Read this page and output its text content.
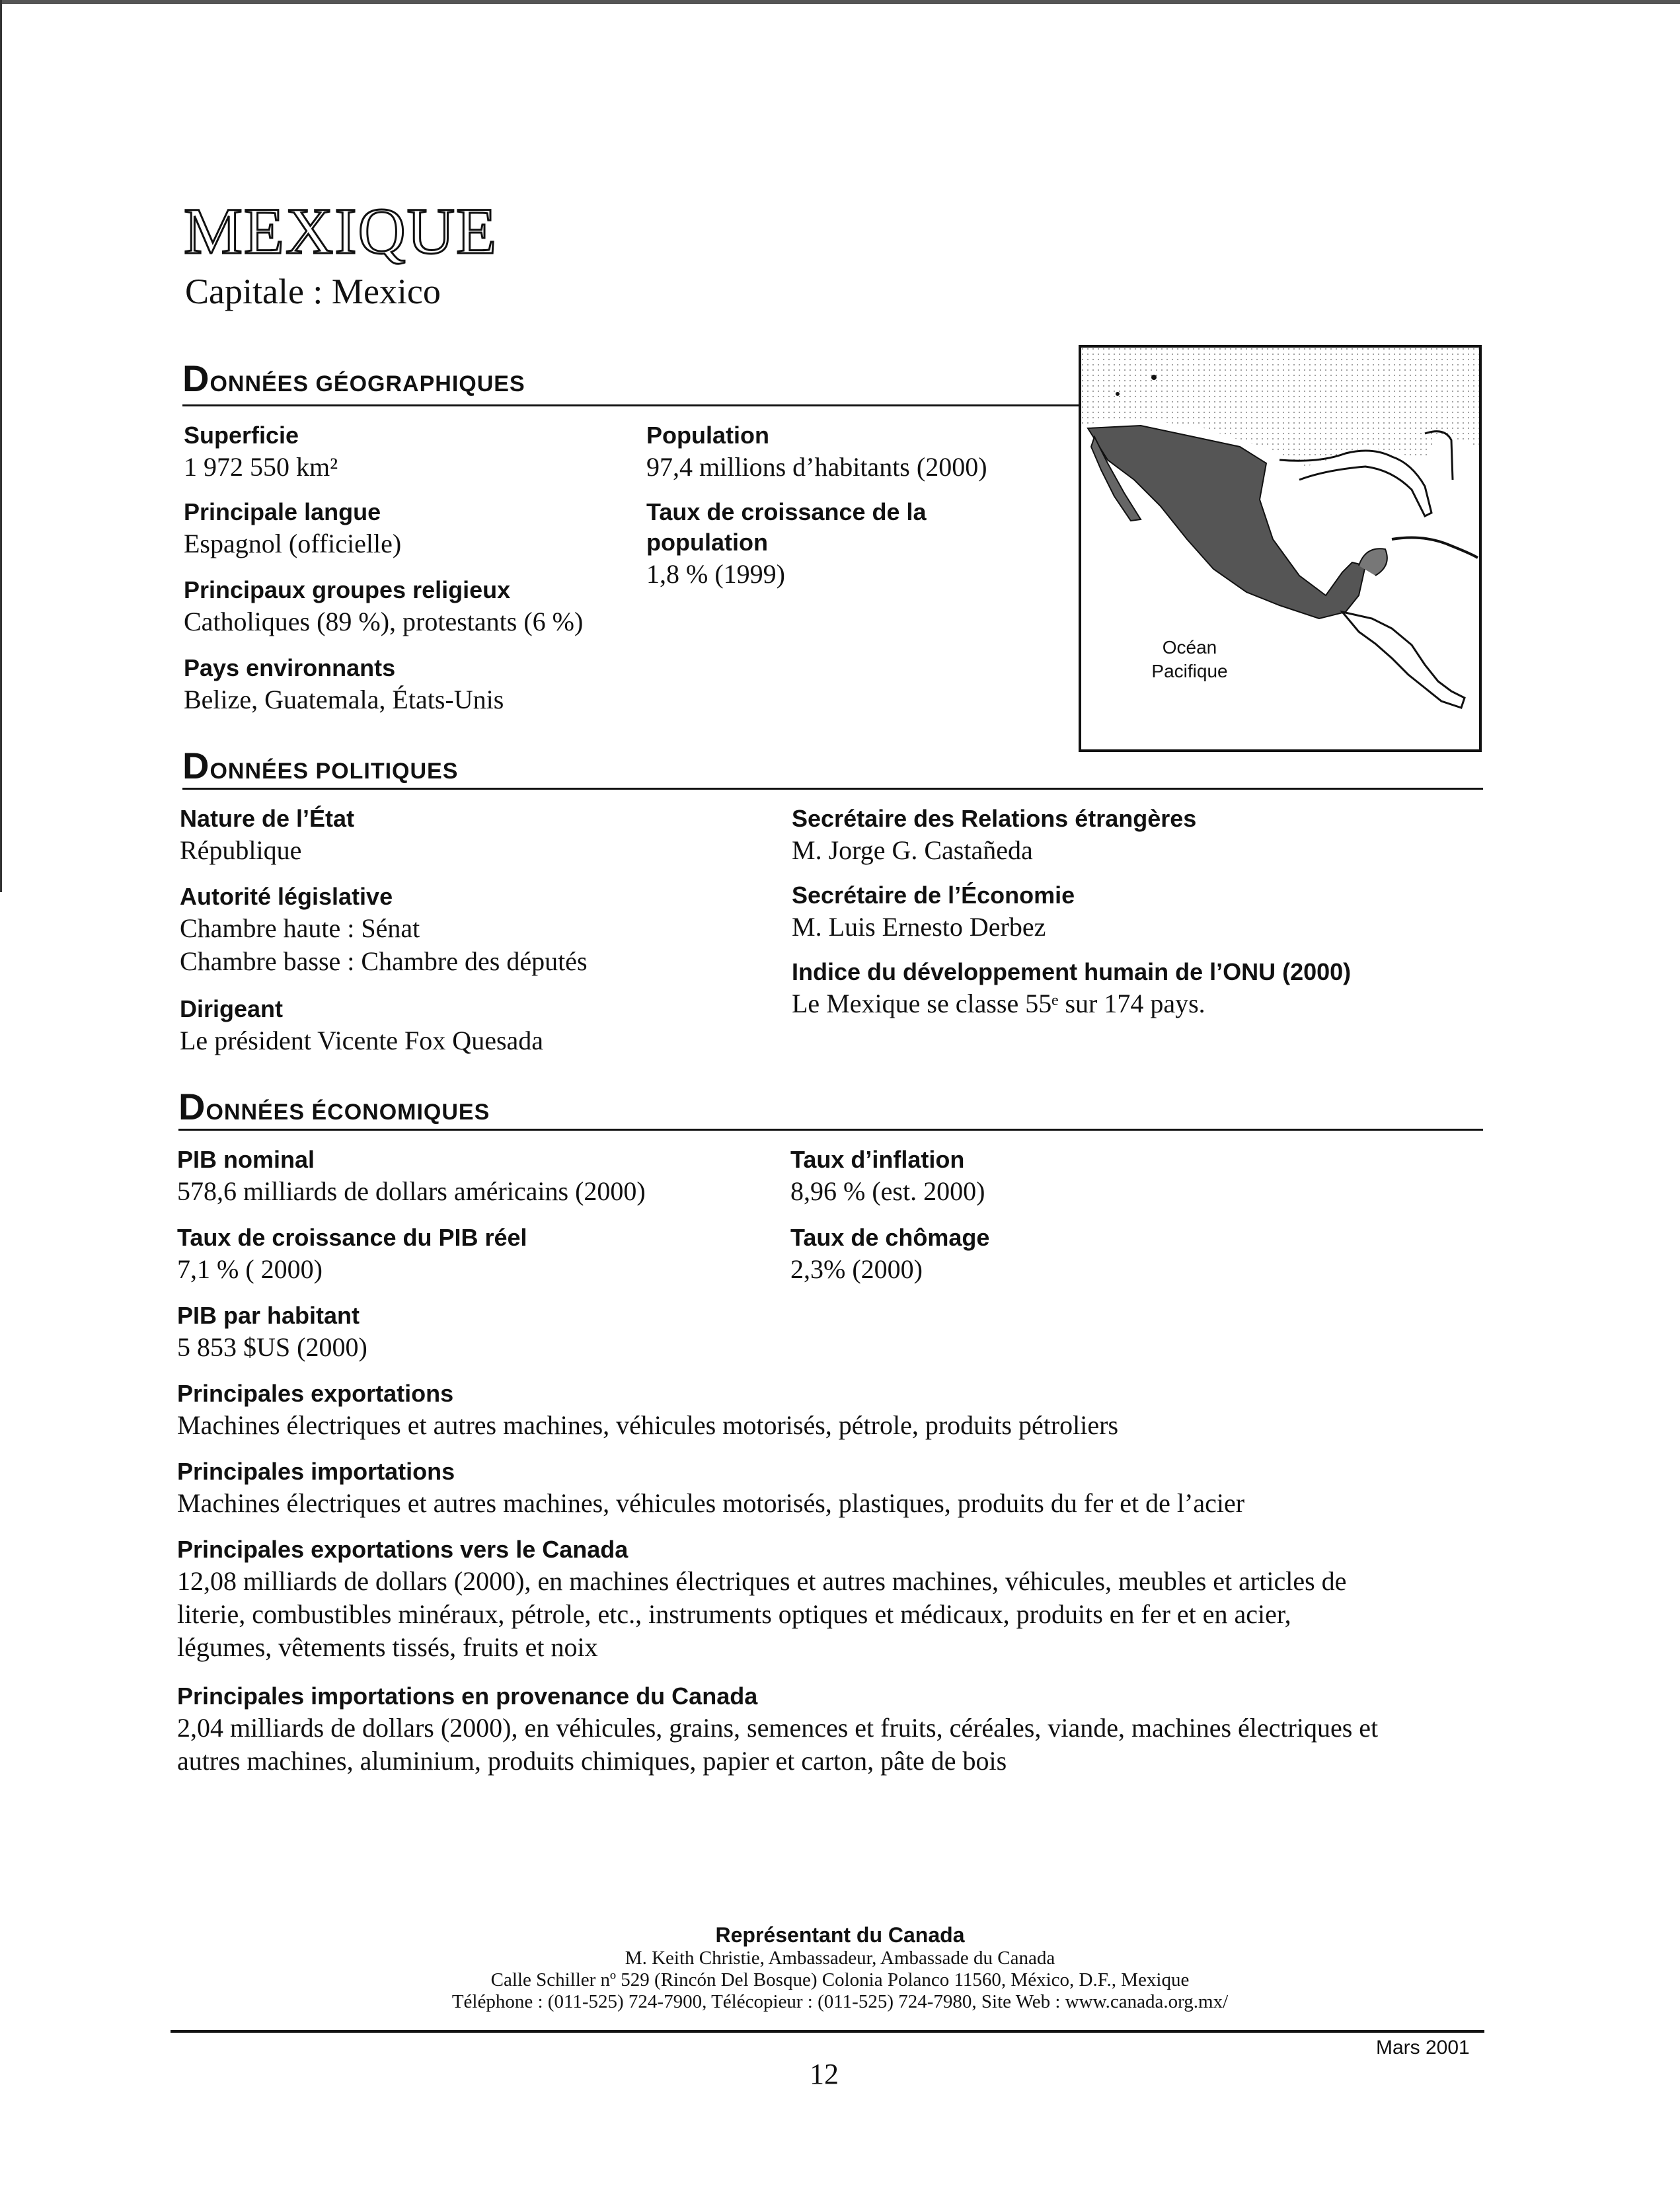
MEXIQUE
Capitale : Mexico
DONNÉES GÉOGRAPHIQUES
Superficie
1 972 550 km²
Principale langue
Espagnol (officielle)
Principaux groupes religieux
Catholiques (89 %), protestants (6 %)
Pays environnants
Belize, Guatemala, États-Unis
Population
97,4 millions d’habitants (2000)
Taux de croissance de la
population
1,8 % (1999)
Océan
Pacifique
DONNÉES POLITIQUES
Nature de l’État
République
Autorité législative
Chambre haute : Sénat
Chambre basse : Chambre des députés
Dirigeant
Le président Vicente Fox Quesada
Secrétaire des Relations étrangères
M. Jorge G. Castañeda
Secrétaire de l’Économie
M. Luis Ernesto Derbez
Indice du développement humain de l’ONU (2000)
Le Mexique se classe 55ᵉ sur 174 pays.
DONNÉES ÉCONOMIQUES
PIB nominal
578,6 milliards de dollars américains (2000)
Taux de croissance du PIB réel
7,1 % ( 2000)
PIB par habitant
5 853 $US (2000)
Taux d’inflation
8,96 % (est. 2000)
Taux de chômage
2,3% (2000)
Principales exportations
Machines électriques et autres machines, véhicules motorisés, pétrole, produits pétroliers
Principales importations
Machines électriques et autres machines, véhicules motorisés, plastiques, produits du fer et de l’acier
Principales exportations vers le Canada
12,08 milliards de dollars (2000), en machines électriques et autres machines, véhicules, meubles et articles de
literie, combustibles minéraux, pétrole, etc., instruments optiques et médicaux, produits en fer et en acier,
légumes, vêtements tissés, fruits et noix
Principales importations en provenance du Canada
2,04 milliards de dollars (2000), en véhicules, grains, semences et fruits, céréales, viande, machines électriques et
autres machines, aluminium, produits chimiques, papier et carton, pâte de bois
Représentant du Canada
M. Keith Christie, Ambassadeur, Ambassade du Canada
Calle Schiller nº 529 (Rincón Del Bosque) Colonia Polanco 11560, México, D.F., Mexique
Téléphone : (011-525) 724-7900, Télécopieur : (011-525) 724-7980, Site Web : www.canada.org.mx/
Mars 2001
12
